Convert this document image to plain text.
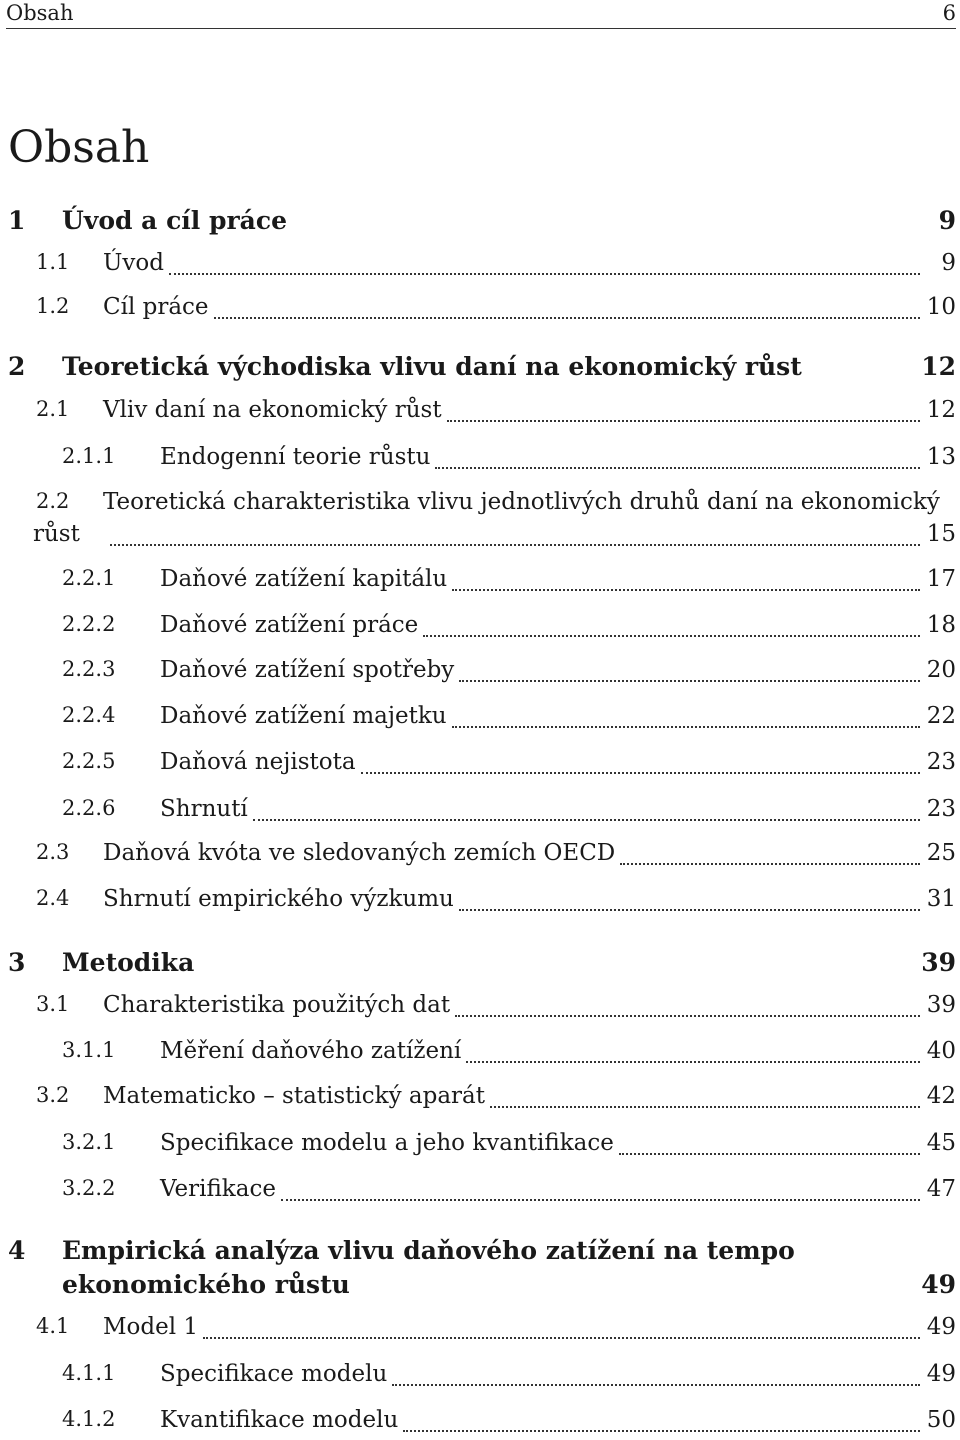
Obsah	6
Obsah
1 Úvod a cíl práce	9
1.1 Úvod	9
1.2 Cíl práce	10
2 Teoretická východiska vlivu daní na ekonomický růst	12
2.1 Vliv daní na ekonomický růst	12
2.1.1 Endogenní teorie růstu	13
2.2 Teoretická charakteristika vlivu jednotlivých druhů daní na ekonomický
růst	15
2.2.1 Daňové zatížení kapitálu	17
2.2.2 Daňové zatížení práce	18
2.2.3 Daňové zatížení spotřeby	20
2.2.4 Daňové zatížení majetku	22
2.2.5 Daňová nejistota	23
2.2.6 Shrnutí	23
2.3 Daňová kvóta ve sledovaných zemích OECD	25
2.4 Shrnutí empirického výzkumu	31
3 Metodika	39
3.1 Charakteristika použitých dat	39
3.1.1 Měření daňového zatížení	40
3.2 Matematicko – statistický aparát	42
3.2.1 Specifikace modelu a jeho kvantifikace	45
3.2.2 Verifikace	47
4 Empirická analýza vlivu daňového zatížení na tempo
ekonomického růstu	49
4.1 Model 1	49
4.1.1 Specifikace modelu	49
4.1.2 Kvantifikace modelu	50
